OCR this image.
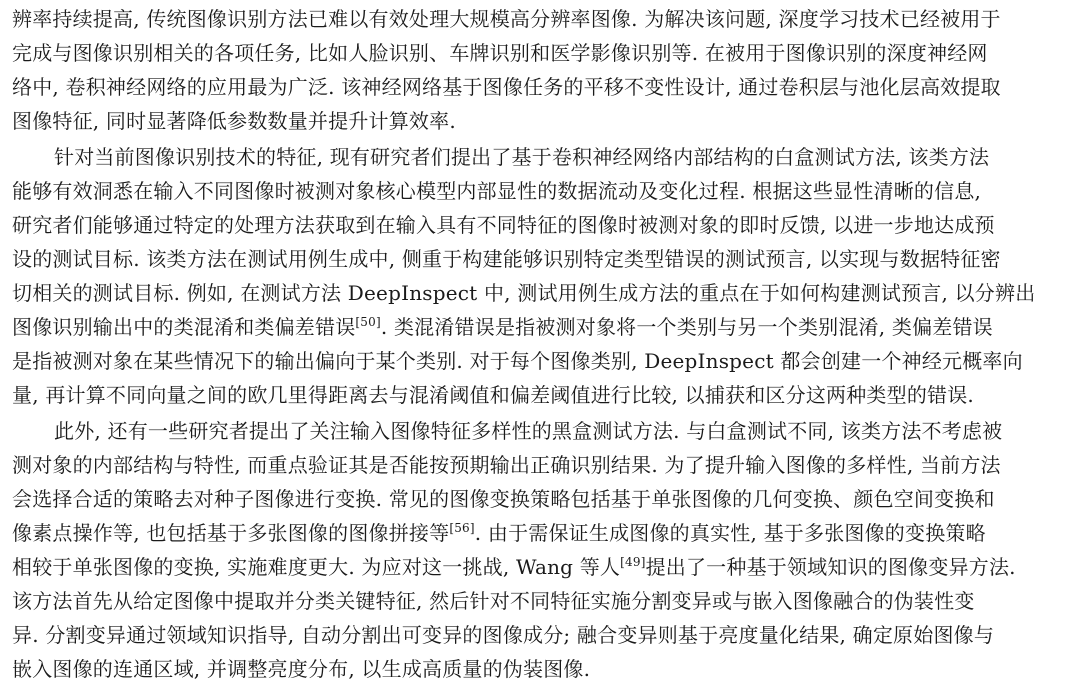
辨率持续提高, 传统图像识别方法已难以有效处理大规模高分辨率图像. 为解决该问题, 深度学习技术已经被用于
完成与图像识别相关的各项任务, 比如人脸识别、车牌识别和医学影像识别等. 在被用于图像识别的深度神经网
络中, 卷积神经网络的应用最为广泛. 该神经网络基于图像任务的平移不变性设计, 通过卷积层与池化层高效提取
图像特征, 同时显著降低参数数量并提升计算效率.
针对当前图像识别技术的特征, 现有研究者们提出了基于卷积神经网络内部结构的白盒测试方法, 该类方法
能够有效洞悉在输入不同图像时被测对象核心模型内部显性的数据流动及变化过程. 根据这些显性清晰的信息,
研究者们能够通过特定的处理方法获取到在输入具有不同特征的图像时被测对象的即时反馈, 以进一步地达成预
设的测试目标. 该类方法在测试用例生成中, 侧重于构建能够识别特定类型错误的测试预言, 以实现与数据特征密
切相关的测试目标. 例如, 在测试方法 DeepInspect 中, 测试用例生成方法的重点在于如何构建测试预言, 以分辨出
图像识别输出中的类混淆和类偏差错误[50]. 类混淆错误是指被测对象将一个类别与另一个类别混淆, 类偏差错误
是指被测对象在某些情况下的输出偏向于某个类别. 对于每个图像类别, DeepInspect 都会创建一个神经元概率向
量, 再计算不同向量之间的欧几里得距离去与混淆阈值和偏差阈值进行比较, 以捕获和区分这两种类型的错误.
此外, 还有一些研究者提出了关注输入图像特征多样性的黑盒测试方法. 与白盒测试不同, 该类方法不考虑被
测对象的内部结构与特性, 而重点验证其是否能按预期输出正确识别结果. 为了提升输入图像的多样性, 当前方法
会选择合适的策略去对种子图像进行变换. 常见的图像变换策略包括基于单张图像的几何变换、颜色空间变换和
像素点操作等, 也包括基于多张图像的图像拼接等[56]. 由于需保证生成图像的真实性, 基于多张图像的变换策略
相较于单张图像的变换, 实施难度更大. 为应对这一挑战, Wang 等人[49]提出了一种基于领域知识的图像变异方法.
该方法首先从给定图像中提取并分类关键特征, 然后针对不同特征实施分割变异或与嵌入图像融合的伪装性变
异. 分割变异通过领域知识指导, 自动分割出可变异的图像成分; 融合变异则基于亮度量化结果, 确定原始图像与
嵌入图像的连通区域, 并调整亮度分布, 以生成高质量的伪装图像.
